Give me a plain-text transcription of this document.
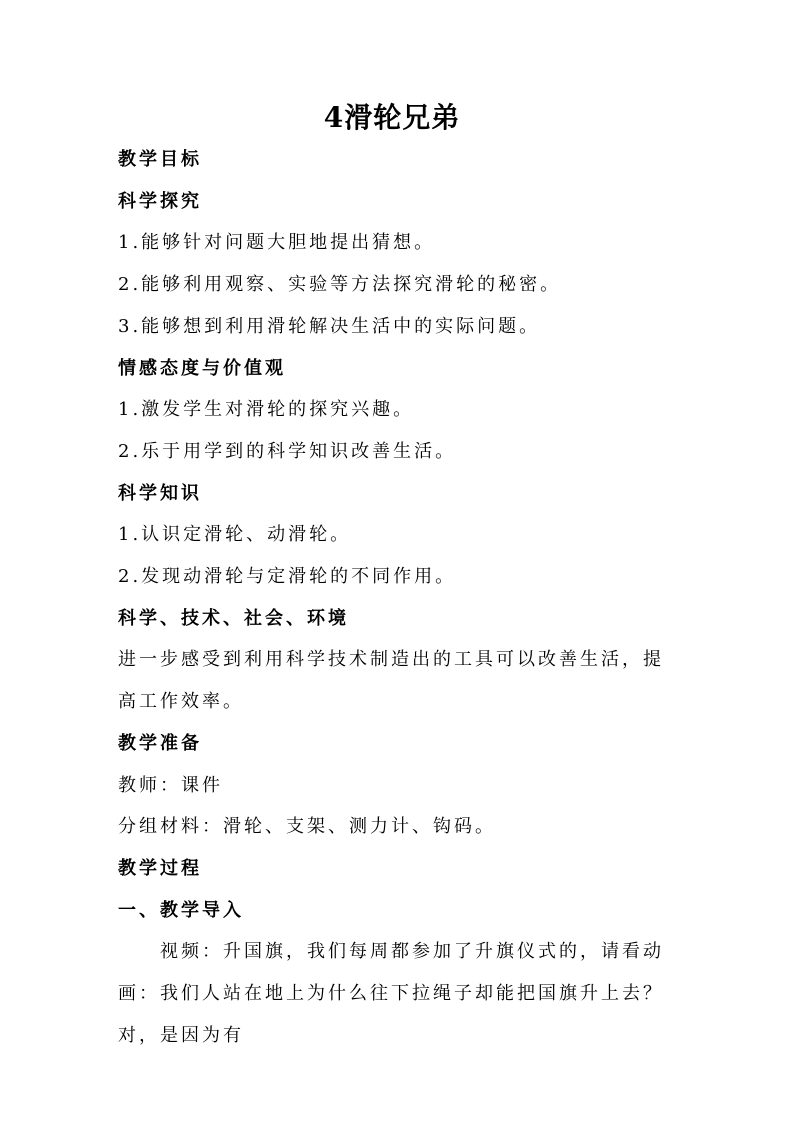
4滑轮兄弟
教学目标
科学探究
1.能够针对问题大胆地提出猜想。
2.能够利用观察、实验等方法探究滑轮的秘密。
3.能够想到利用滑轮解决生活中的实际问题。
情感态度与价值观
1.激发学生对滑轮的探究兴趣。
2.乐于用学到的科学知识改善生活。
科学知识
1.认识定滑轮、动滑轮。
2.发现动滑轮与定滑轮的不同作用。
科学、技术、社会、环境
进一步感受到利用科学技术制造出的工具可以改善生活，提高工作效率。
教学准备
教师：课件
分组材料：滑轮、支架、测力计、钩码。
教学过程
一、教学导入
视频：升国旗，我们每周都参加了升旗仪式的，请看动画：我们人站在地上为什么往下拉绳子却能把国旗升上去？对，是因为有
